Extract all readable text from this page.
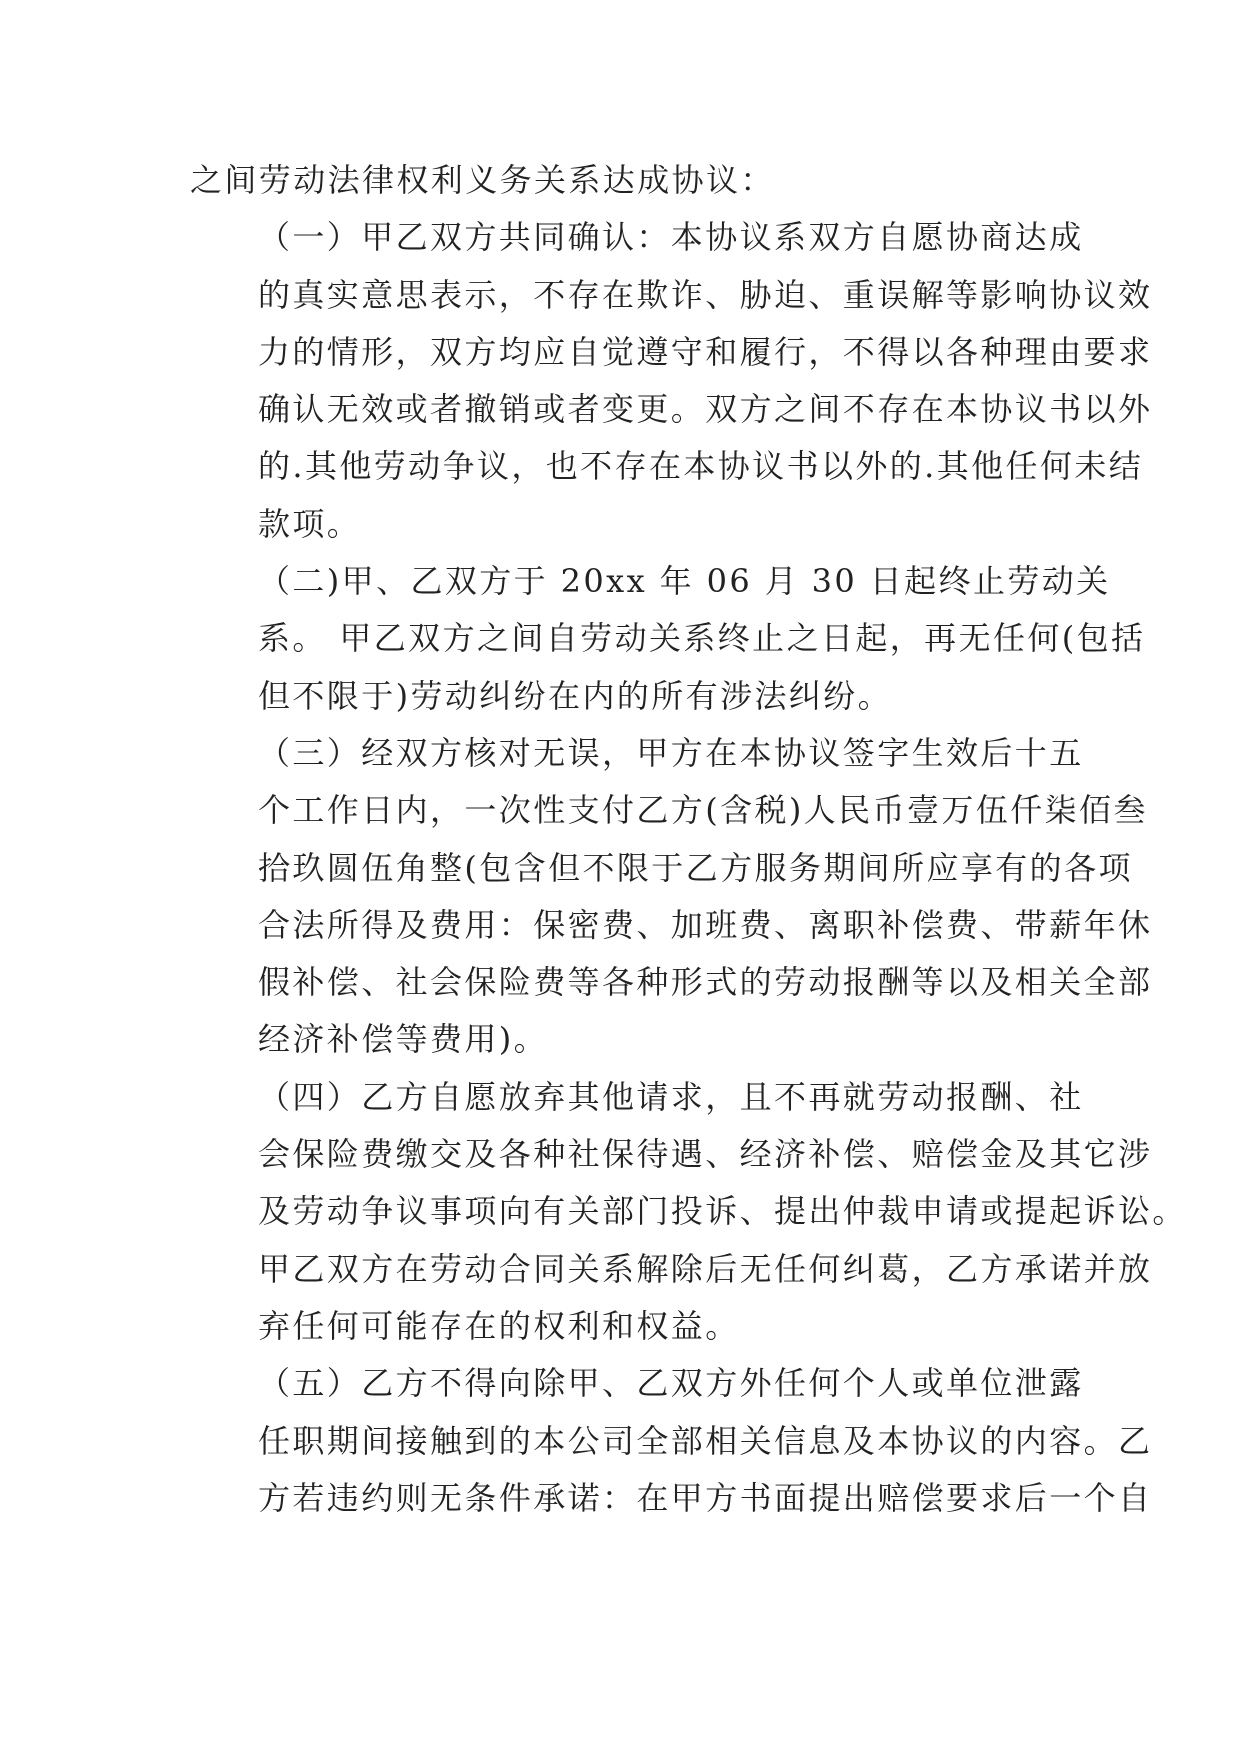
之间劳动法律权利义务关系达成协议：

（一）甲乙双方共同确认：本协议系双方自愿协商达成
的真实意思表示，不存在欺诈、胁迫、重误解等影响协议效
力的情形，双方均应自觉遵守和履行，不得以各种理由要求
确认无效或者撤销或者变更。双方之间不存在本协议书以外
的.其他劳动争议，也不存在本协议书以外的.其他任何未结
款项。

（二)甲、乙双方于 20xx 年 06 月 30 日起终止劳动关
系。 甲乙双方之间自劳动关系终止之日起，再无任何(包括
但不限于)劳动纠纷在内的所有涉法纠纷。

（三）经双方核对无误，甲方在本协议签字生效后十五
个工作日内，一次性支付乙方(含税)人民币壹万伍仟柒佰叁
拾玖圆伍角整(包含但不限于乙方服务期间所应享有的各项
合法所得及费用：保密费、加班费、离职补偿费、带薪年休
假补偿、社会保险费等各种形式的劳动报酬等以及相关全部
经济补偿等费用)。

（四）乙方自愿放弃其他请求，且不再就劳动报酬、社
会保险费缴交及各种社保待遇、经济补偿、赔偿金及其它涉
及劳动争议事项向有关部门投诉、提出仲裁申请或提起诉讼。
甲乙双方在劳动合同关系解除后无任何纠葛，乙方承诺并放
弃任何可能存在的权利和权益。

（五）乙方不得向除甲、乙双方外任何个人或单位泄露
任职期间接触到的本公司全部相关信息及本协议的内容。乙
方若违约则无条件承诺：在甲方书面提出赔偿要求后一个自
